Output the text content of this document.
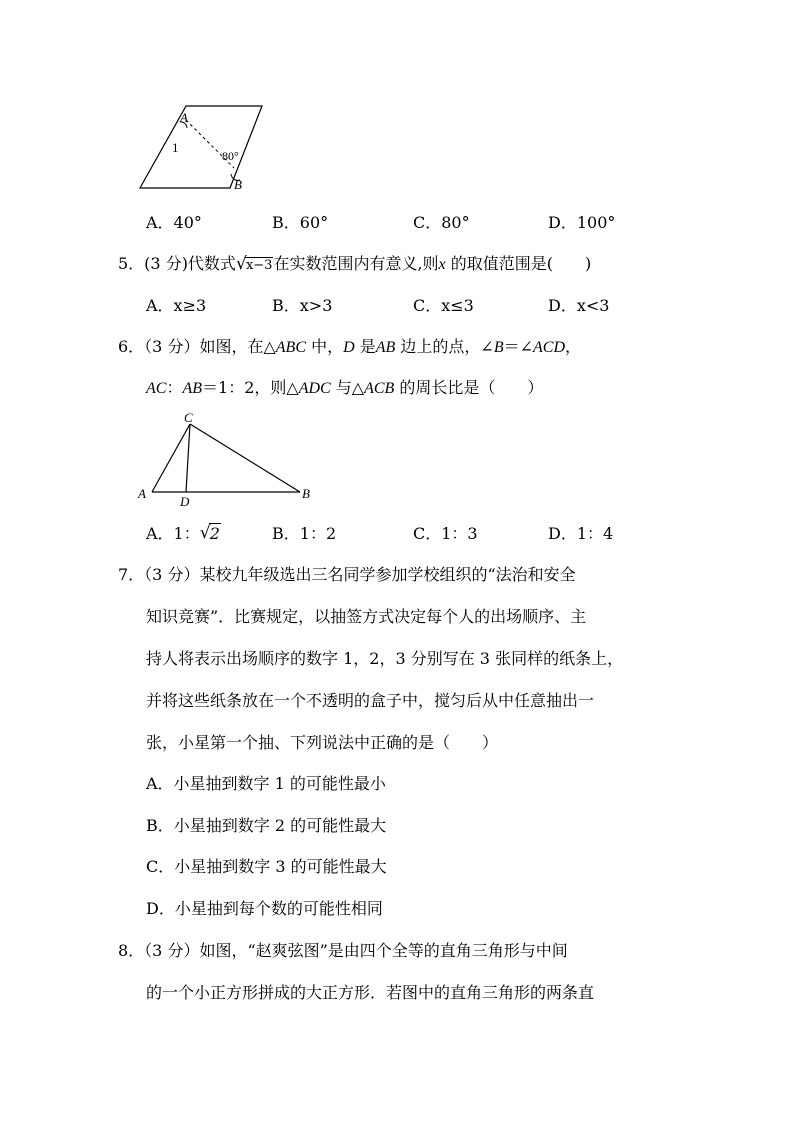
A
B
1
80°
A．40°	B．60°	C．80°	D．100°
5．(3 分)代数式 √ x−3在实数范围内有意义,则x 的取值范围是(　　)
A．x≥3	B．x>3	C．x≤3	D．x<3
6．（3 分）如图，在△ABC 中，D 是AB 边上的点，∠B＝∠ACD，
AC：AB＝1：2，则△ADC 与△ACB 的周长比是（　　）
A	B
C
D
A．1： √ 2	B．1：2	C．1：3	D．1：4
7．（3 分）某校九年级选出三名同学参加学校组织的“法治和安全
知识竞赛”．比赛规定，以抽签方式决定每个人的出场顺序、主
持人将表示出场顺序的数字 1，2，3 分别写在 3 张同样的纸条上，
并将这些纸条放在一个不透明的盒子中，搅匀后从中任意抽出一
张，小星第一个抽、下列说法中正确的是（　　）
A．小星抽到数字 1 的可能性最小
B．小星抽到数字 2 的可能性最大
C．小星抽到数字 3 的可能性最大
D．小星抽到每个数的可能性相同
8．（3 分）如图，“赵爽弦图”是由四个全等的直角三角形与中间
的一个小正方形拼成的大正方形．若图中的直角三角形的两条直
